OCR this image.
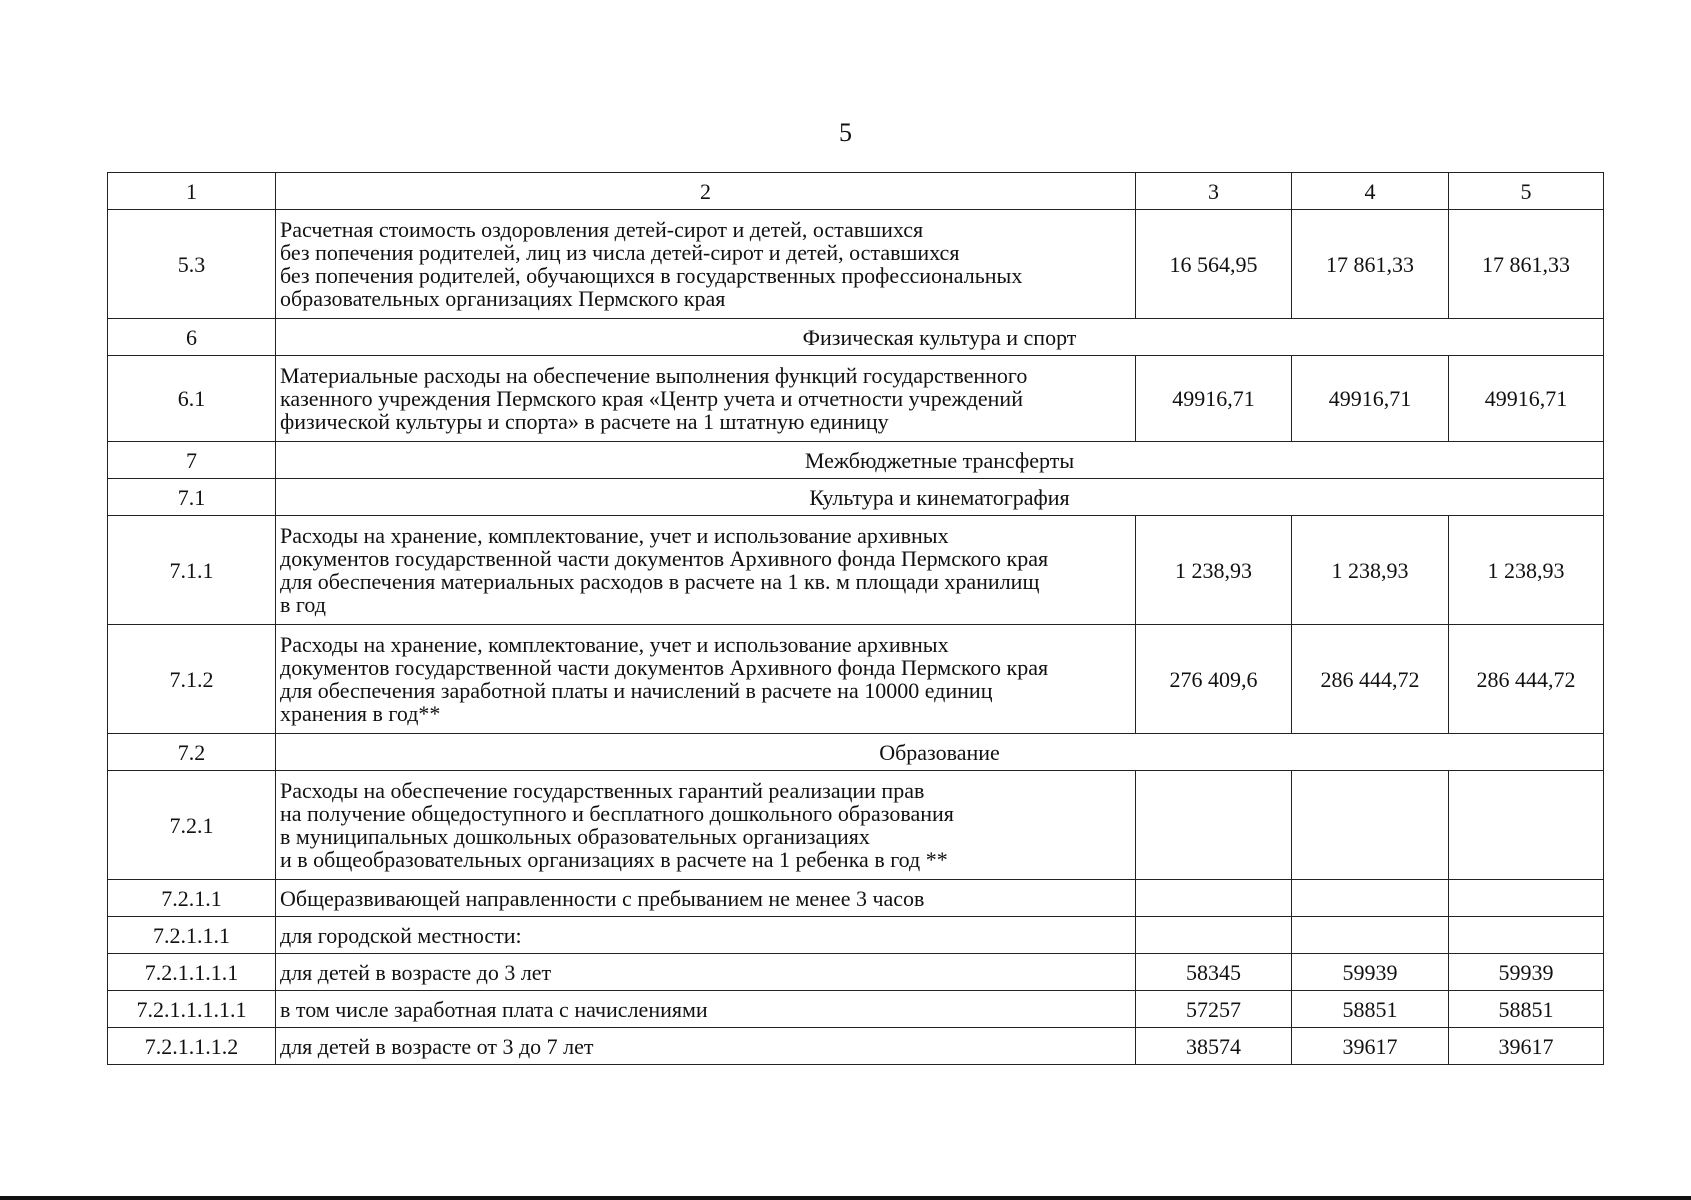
5
1	2	3	4	5
5.3	Расчетная стоимость оздоровления детей-сирот и детей, оставшихся
без попечения родителей, лиц из числа детей-сирот и детей, оставшихся
без попечения родителей, обучающихся в государственных профессиональных
образовательных организациях Пермского края	16 564,95	17 861,33	17 861,33
6	Физическая культура и спорт			
6.1	Материальные расходы на обеспечение выполнения функций государственного
казенного учреждения Пермского края «Центр учета и отчетности учреждений
физической культуры и спорта» в расчете на 1 штатную единицу	49916,71	49916,71	49916,71
7	Межбюджетные трансферты			
7.1	Культура и кинематография			
7.1.1	Расходы на хранение, комплектование, учет и использование архивных
документов государственной части документов Архивного фонда Пермского края
для обеспечения материальных расходов в расчете на 1 кв. м площади хранилищ
в год	1 238,93	1 238,93	1 238,93
7.1.2	Расходы на хранение, комплектование, учет и использование архивных
документов государственной части документов Архивного фонда Пермского края
для обеспечения заработной платы и начислений в расчете на 10000 единиц
хранения в год**	276 409,6	286 444,72	286 444,72
7.2	Образование			
7.2.1	Расходы на обеспечение государственных гарантий реализации прав
на получение общедоступного и бесплатного дошкольного образования
в муниципальных дошкольных образовательных организациях
и в общеобразовательных организациях в расчете на 1 ребенка в год **			
7.2.1.1	Общеразвивающей направленности с пребыванием не менее 3 часов			
7.2.1.1.1	для городской местности:			
7.2.1.1.1.1	для детей в возрасте до 3 лет	58345	59939	59939
7.2.1.1.1.1.1	в том числе заработная плата с начислениями	57257	58851	58851
7.2.1.1.1.2	для детей в возрасте от 3 до 7 лет	38574	39617	39617
